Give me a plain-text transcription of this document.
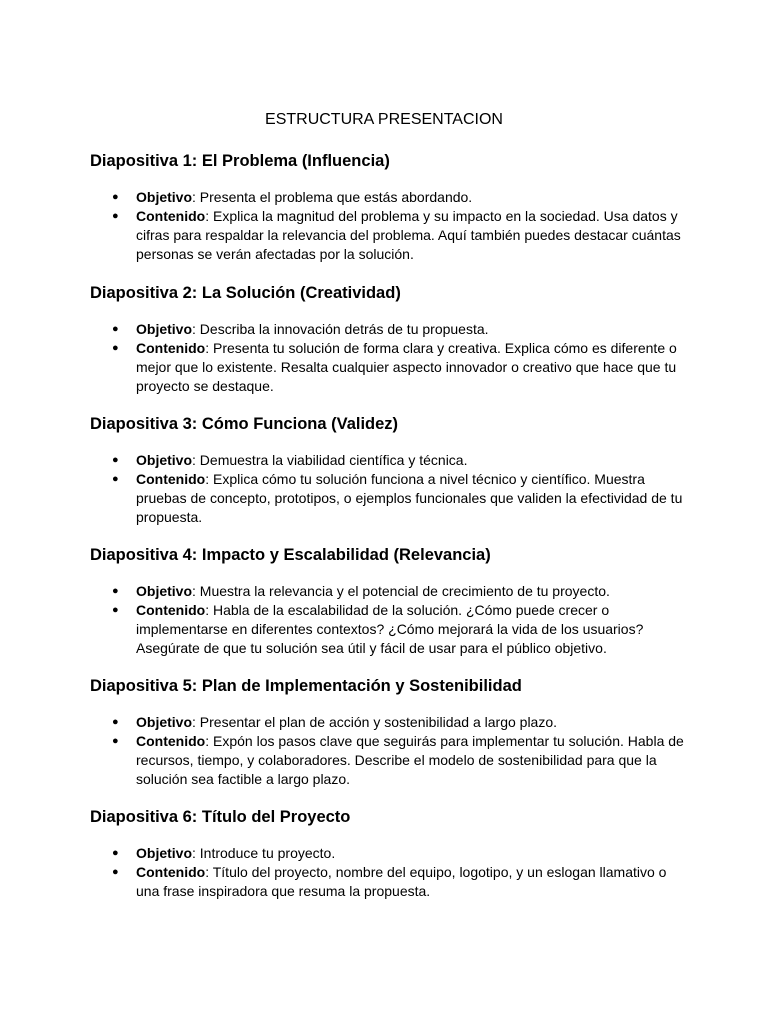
ESTRUCTURA PRESENTACION
Diapositiva 1: El Problema (Influencia)
● Objetivo: Presenta el problema que estás abordando.
● Contenido: Explica la magnitud del problema y su impacto en la sociedad. Usa datos y cifras para respaldar la relevancia del problema. Aquí también puedes destacar cuántas personas se verán afectadas por la solución.
Diapositiva 2: La Solución (Creatividad)
● Objetivo: Describa la innovación detrás de tu propuesta.
● Contenido: Presenta tu solución de forma clara y creativa. Explica cómo es diferente o mejor que lo existente. Resalta cualquier aspecto innovador o creativo que hace que tu proyecto se destaque.
Diapositiva 3: Cómo Funciona (Validez)
● Objetivo: Demuestra la viabilidad científica y técnica.
● Contenido: Explica cómo tu solución funciona a nivel técnico y científico. Muestra pruebas de concepto, prototipos, o ejemplos funcionales que validen la efectividad de tu propuesta.
Diapositiva 4: Impacto y Escalabilidad (Relevancia)
● Objetivo: Muestra la relevancia y el potencial de crecimiento de tu proyecto.
● Contenido: Habla de la escalabilidad de la solución. ¿Cómo puede crecer o implementarse en diferentes contextos? ¿Cómo mejorará la vida de los usuarios? Asegúrate de que tu solución sea útil y fácil de usar para el público objetivo.
Diapositiva 5: Plan de Implementación y Sostenibilidad
● Objetivo: Presentar el plan de acción y sostenibilidad a largo plazo.
● Contenido: Expón los pasos clave que seguirás para implementar tu solución. Habla de recursos, tiempo, y colaboradores. Describe el modelo de sostenibilidad para que la solución sea factible a largo plazo.
Diapositiva 6: Título del Proyecto
● Objetivo: Introduce tu proyecto.
● Contenido: Título del proyecto, nombre del equipo, logotipo, y un eslogan llamativo o una frase inspiradora que resuma la propuesta.
